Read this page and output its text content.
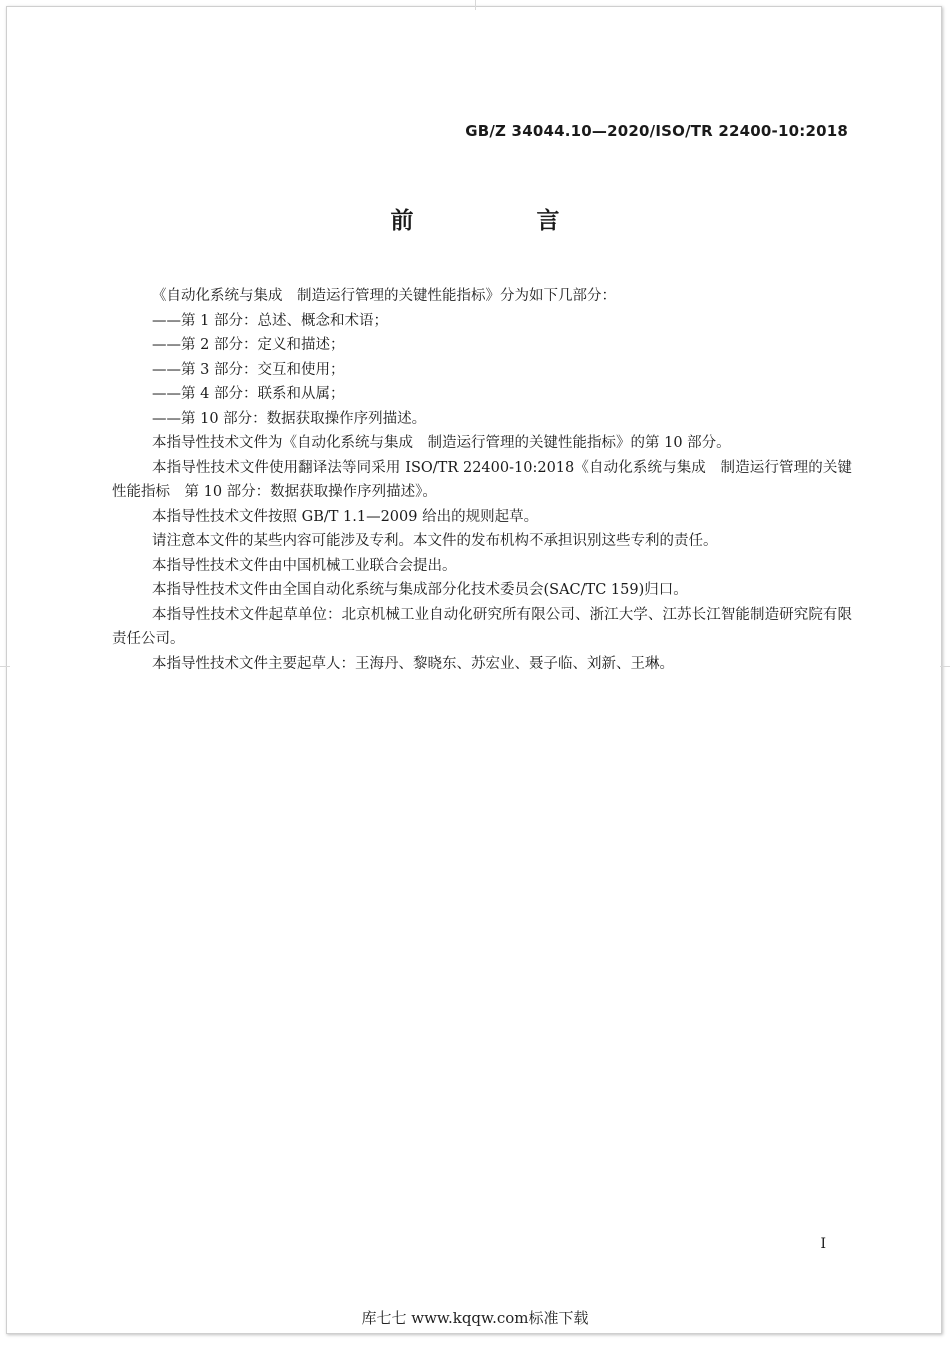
GB/Z 34044.10—2020/ISO/TR 22400-10:2018
前　言

《自动化系统与集成　制造运行管理的关键性能指标》分为如下几部分：

——第 1 部分：总述、概念和术语；

——第 2 部分：定义和描述；

——第 3 部分：交互和使用；

——第 4 部分：联系和从属；

——第 10 部分：数据获取操作序列描述。

本指导性技术文件为《自动化系统与集成　制造运行管理的关键性能指标》的第 10 部分。

本指导性技术文件使用翻译法等同采用 ISO/TR 22400-10:2018《自动化系统与集成　制造运行管理的关键性能指标　第 10 部分：数据获取操作序列描述》。

本指导性技术文件按照 GB/T 1.1—2009 给出的规则起草。

请注意本文件的某些内容可能涉及专利。本文件的发布机构不承担识别这些专利的责任。

本指导性技术文件由中国机械工业联合会提出。

本指导性技术文件由全国自动化系统与集成部分化技术委员会(SAC/TC 159)归口。

本指导性技术文件起草单位：北京机械工业自动化研究所有限公司、浙江大学、江苏长江智能制造研究院有限责任公司。

本指导性技术文件主要起草人：王海丹、黎晓东、苏宏业、聂子临、刘新、王琳。

I
库七七 www.kqqw.com标准下载
